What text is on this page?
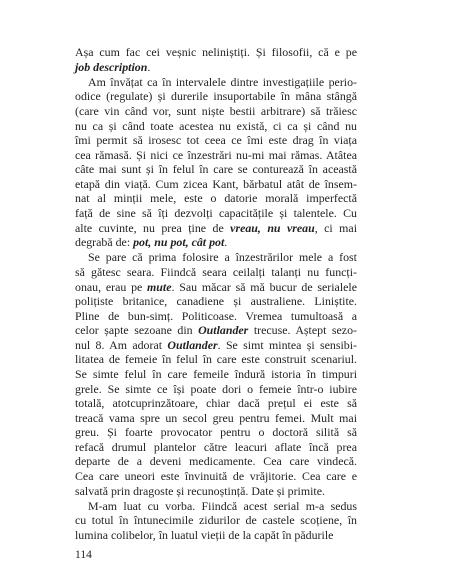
Așa cum fac cei veșnic neliniștiți. Și filosofii, că e pe
job description.
Am învățat ca în intervalele dintre investigațiile perio-
odice (regulate) și durerile insuportabile în mâna stângă
(care vin când vor, sunt niște bestii arbitrare) să trăiesc
nu ca și când toate acestea nu există, ci ca și când nu
îmi permit să irosesc tot ceea ce îmi este drag în viața
cea rămasă. Și nici ce înzestrări nu-mi mai rămas. Atâtea
câte mai sunt și în felul în care se conturează în această
etapă din viață. Cum zicea Kant, bărbatul atât de însem-
nat al minții mele, este o datorie morală imperfectă
față de sine să îți dezvolți capacitățile și talentele. Cu
alte cuvinte, nu prea ține de vreau, nu vreau, ci mai
degrabă de: pot, nu pot, cât pot.
Se pare că prima folosire a înzestrărilor mele a fost
să gătesc seara. Fiindcă seara ceilalți talanți nu funcți-
onau, erau pe mute. Sau măcar să mă bucur de serialele
polițiste britanice, canadiene și australiene. Liniștite.
Pline de bun-simț. Politicoase. Vremea tumultoasă a
celor șapte sezoane din Outlander trecuse. Aștept sezo-
nul 8. Am adorat Outlander. Se simt mintea și sensibi-
litatea de femeie în felul în care este construit scenariul.
Se simte felul în care femeile îndură istoria în timpuri
grele. Se simte ce își poate dori o femeie într-o iubire
totală, atotcuprinzătoare, chiar dacă prețul ei este să
treacă vama spre un secol greu pentru femei. Mult mai
greu. Și foarte provocator pentru o doctoră silită să
refacă drumul plantelor către leacuri aflate încă prea
departe de a deveni medicamente. Cea care vindecă.
Cea care uneori este învinuită de vrăjitorie. Cea care e
salvată prin dragoste și recunoștință. Date și primite.
M-am luat cu vorba. Fiindcă acest serial m-a sedus
cu totul în întunecimile zidurilor de castele scoțiene, în
lumina colibelor, în luatul vieții de la capăt în pădurile
114
